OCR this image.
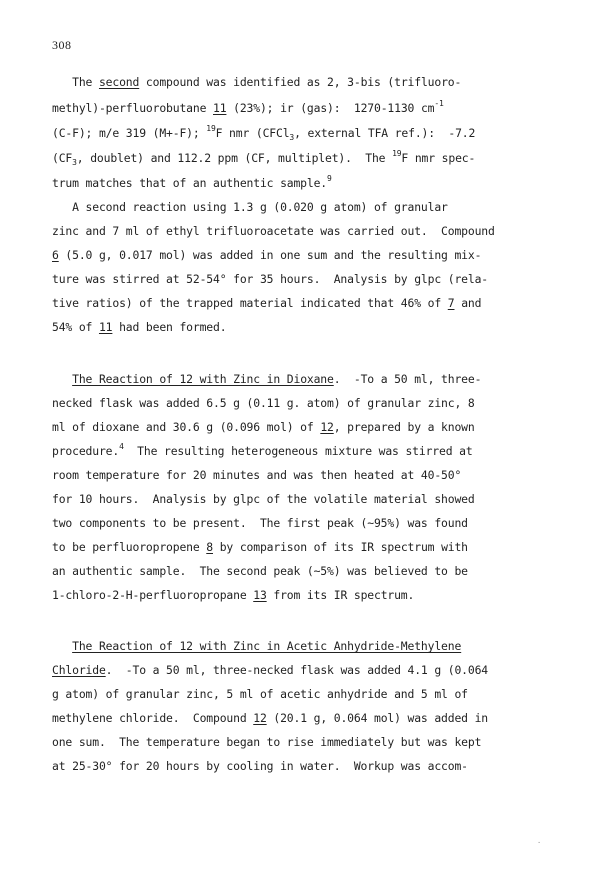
308
The second compound was identified as 2, 3-bis (trifluoro-
methyl)-perfluorobutane 11 (23%); ir (gas):  1270-1130 $cm^{-1}$
(C-F); m/e 319 (M+-F); $^{19}$F nmr (CFCl$_3$, external TFA ref.):  -7.2
($CF_3$, doublet) and 112.2 ppm (CF, multiplet).  The $^{19}$F nmr spec-
trum matches that of an authentic sample.$^9$
A second reaction using 1.3 g (0.020 g atom) of granular
zinc and 7 ml of ethyl trifluoroacetate was carried out.  Compound
6 (5.0 g, 0.017 mol) was added in one sum and the resulting mix-
ture was stirred at 52-54° for 35 hours.  Analysis by glpc (rela-
tive ratios) of the trapped material indicated that 46% of 7 and
54% of 11 had been formed.
The Reaction of 12 with Zinc in Dioxane.  -To a 50 ml, three-
necked flask was added 6.5 g (0.11 g. atom) of granular zinc, 8
ml of dioxane and 30.6 g (0.096 mol) of 12, prepared by a known
procedure.$^4$  The resulting heterogeneous mixture was stirred at
room temperature for 20 minutes and was then heated at 40-50°
for 10 hours.  Analysis by glpc of the volatile material showed
two components to be present.  The first peak (~95%) was found
to be perfluoropropene 8 by comparison of its IR spectrum with
an authentic sample.  The second peak (~5%) was believed to be
1-chloro-2-H-perfluoropropane 13 from its IR spectrum.
The Reaction of 12 with Zinc in Acetic Anhydride-Methylene
Chloride.  -To a 50 ml, three-necked flask was added 4.1 g (0.064
g atom) of granular zinc, 5 ml of acetic anhydride and 5 ml of
methylene chloride.  Compound 12 (20.1 g, 0.064 mol) was added in
one sum.  The temperature began to rise immediately but was kept
at 25-30° for 20 hours by cooling in water.  Workup was accom-
·
